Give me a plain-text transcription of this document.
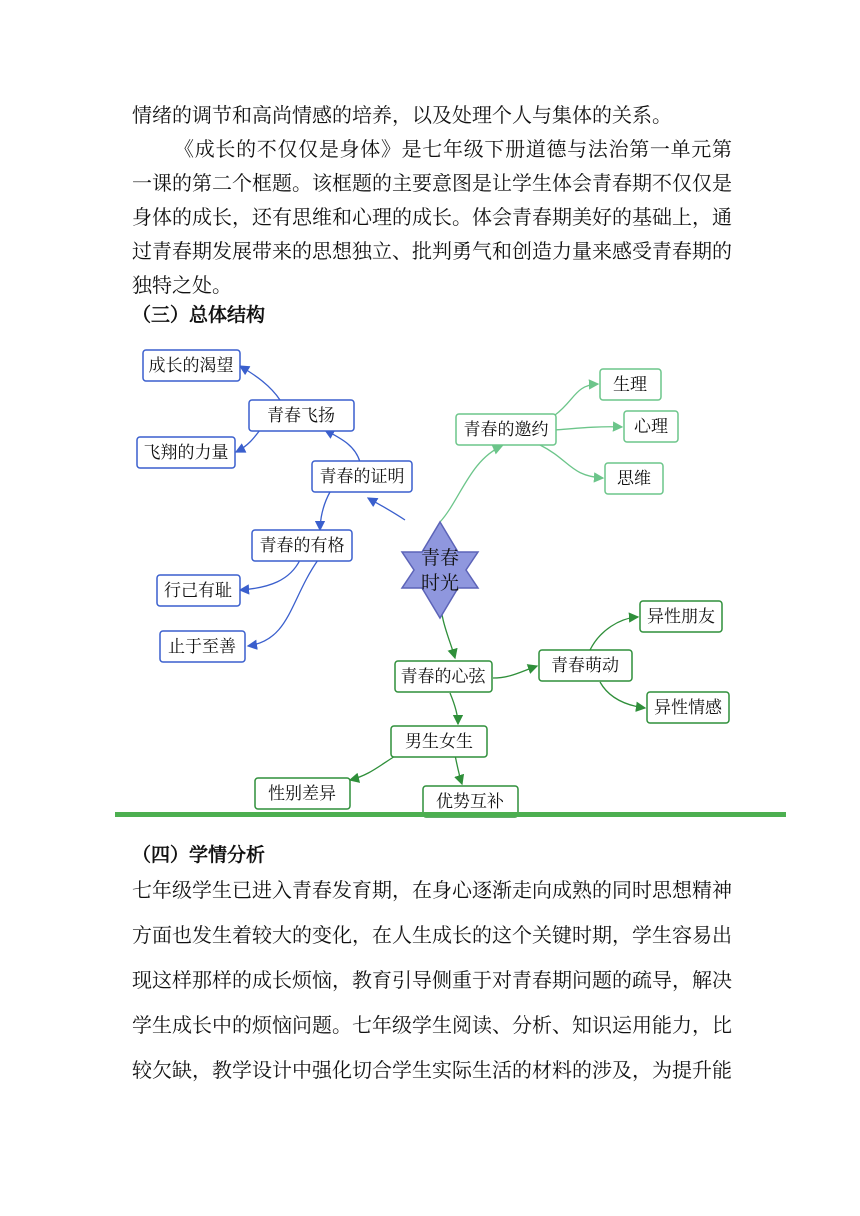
情绪的调节和高尚情感的培养，以及处理个人与集体的关系。
《成长的不仅仅是身体》是七年级下册道德与法治第一单元第一课的第二个框题。该框题的主要意图是让学生体会青春期不仅仅是身体的成长，还有思维和心理的成长。体会青春期美好的基础上，通过青春期发展带来的思想独立、批判勇气和创造力量来感受青春期的独特之处。
（三）总体结构
青春
时光
成长的渴望
青春飞扬
飞翔的力量
青春的证明
青春的有格
行己有耻
止于至善
青春的邀约
生理
心理
思维
青春的心弦
青春萌动
异性朋友
异性情感
男生女生
性别差异	优势互补
（四）学情分析
七年级学生已进入青春发育期，在身心逐渐走向成熟的同时思想精神方面也发生着较大的变化，在人生成长的这个关键时期，学生容易出现这样那样的成长烦恼，教育引导侧重于对青春期问题的疏导，解决学生成长中的烦恼问题。七年级学生阅读、分析、知识运用能力，比较欠缺，教学设计中强化切合学生实际生活的材料的涉及，为提升能
